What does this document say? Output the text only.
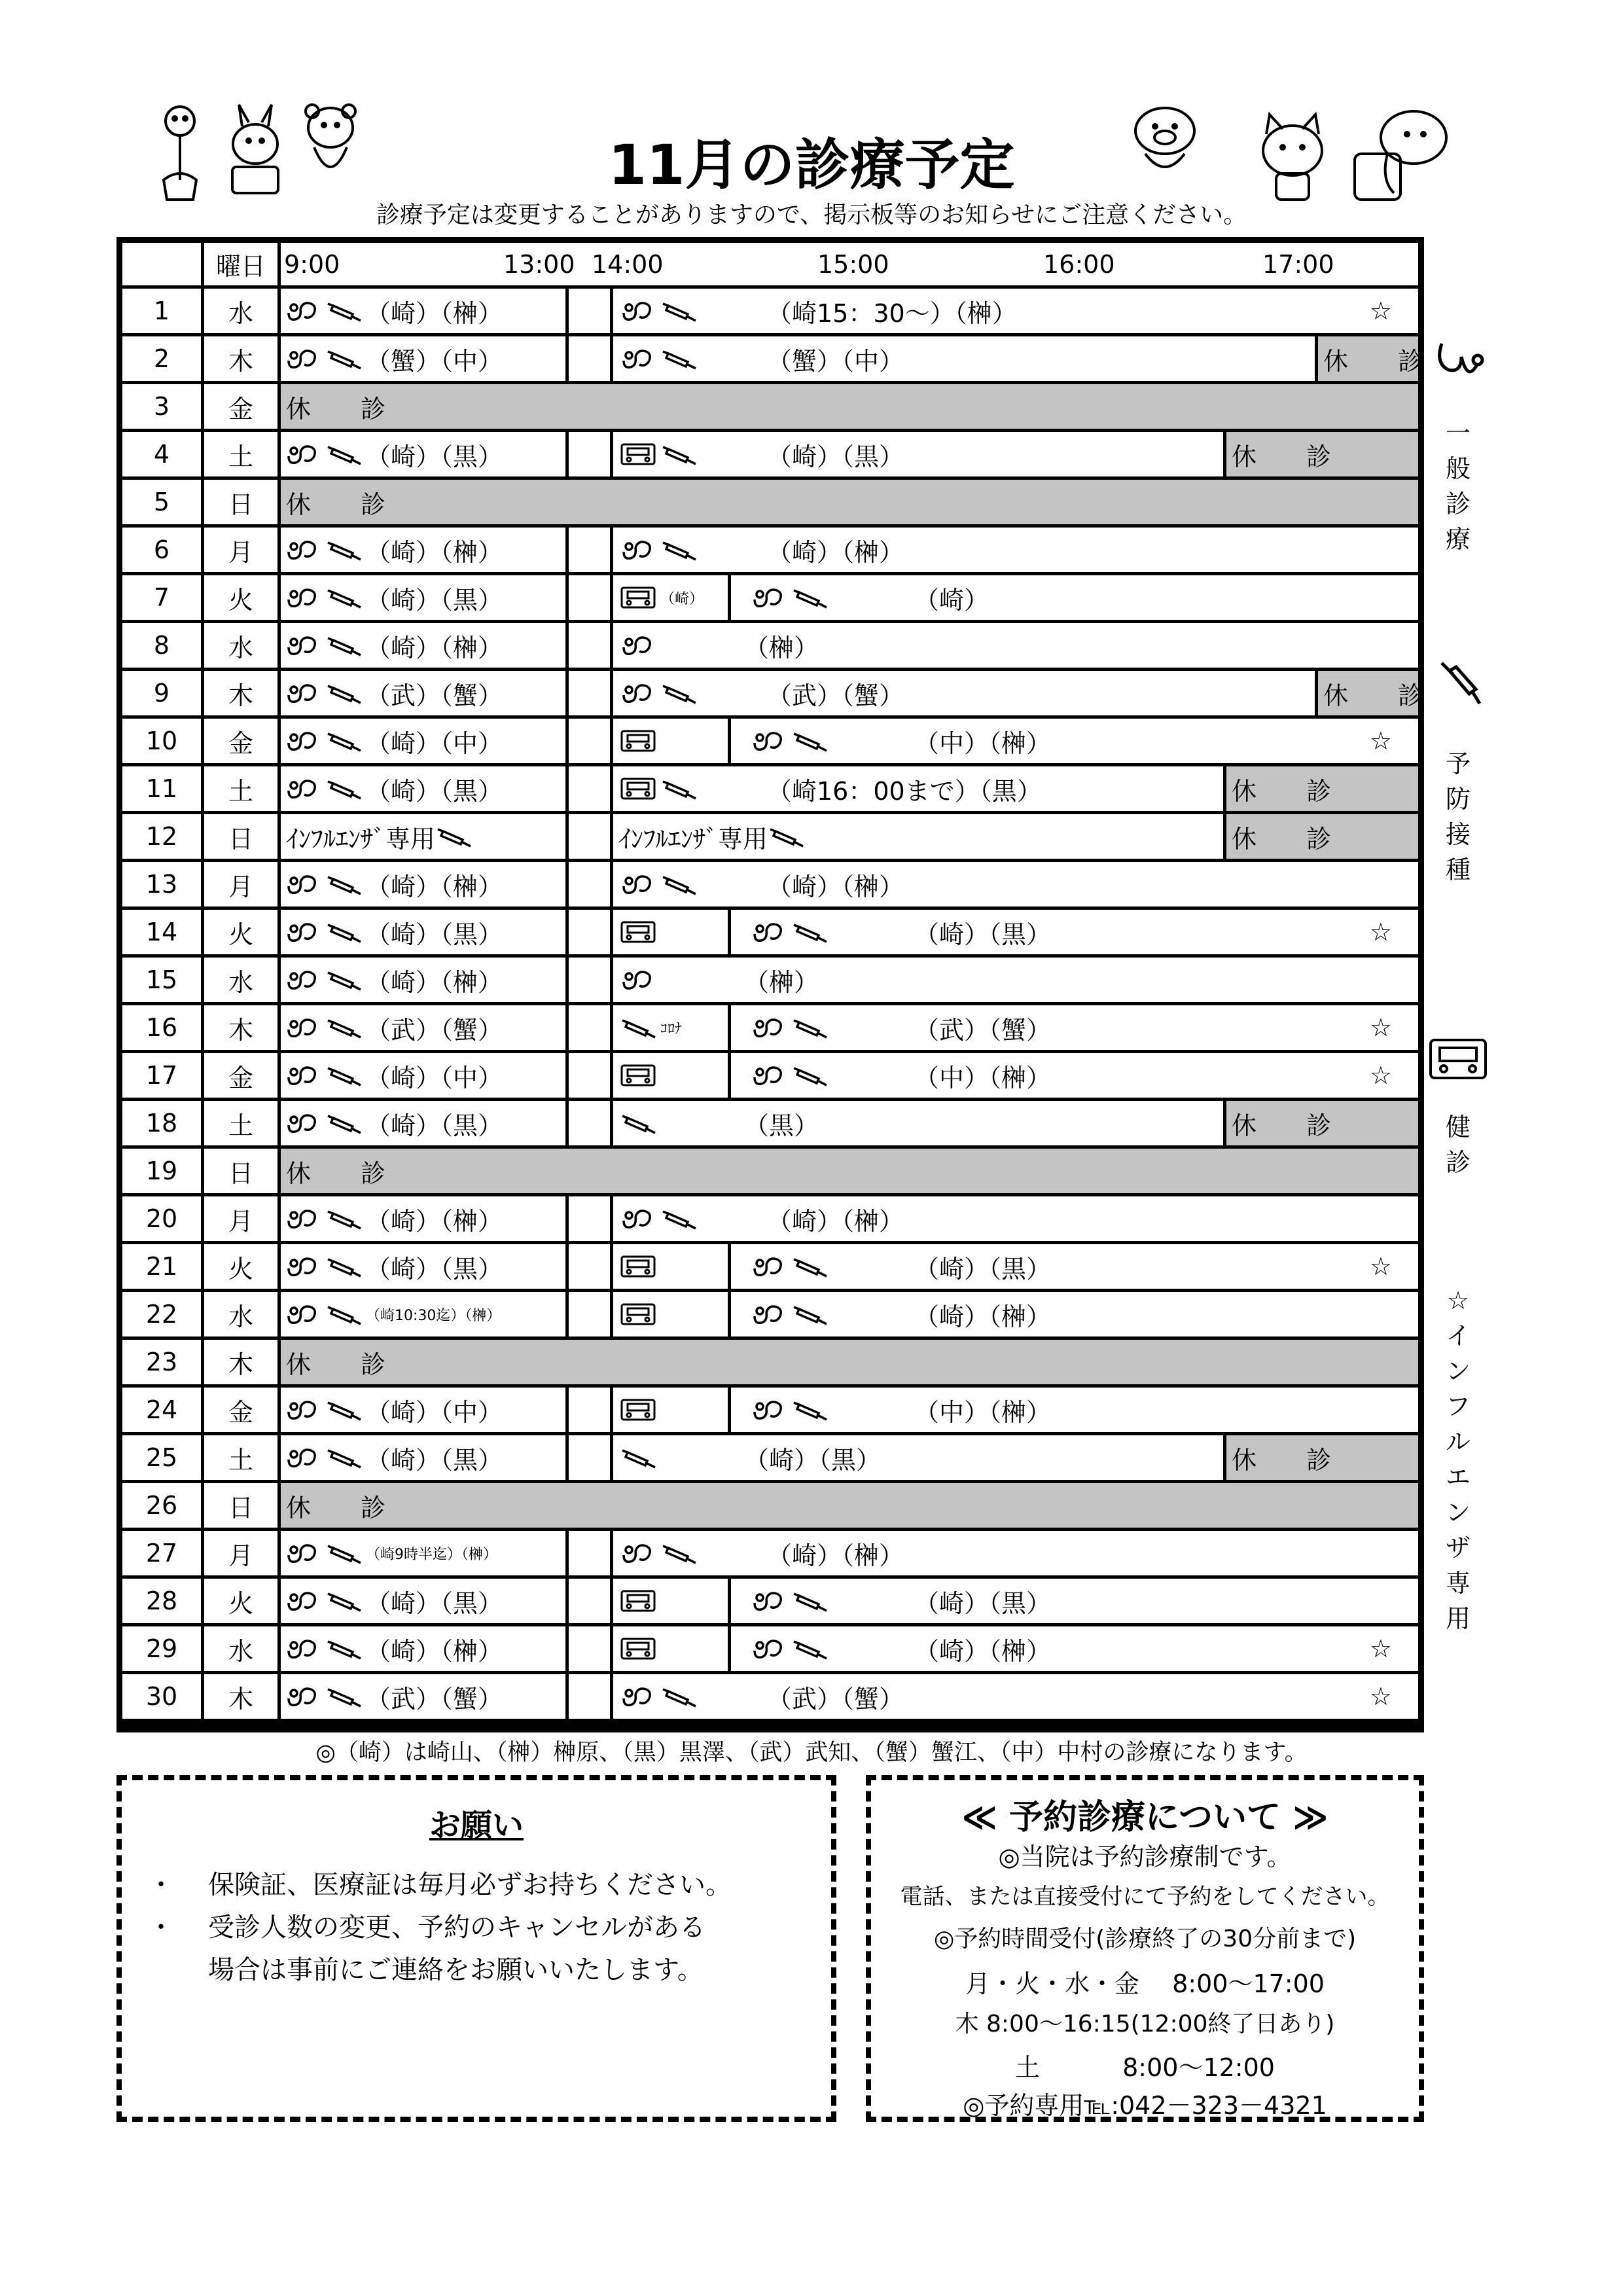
11月の診療予定
診療予定は変更することがありますので、掲示板等のお知らせにご注意ください。
曜日 9:00	13:00 14:00	15:00	16:00	17:00
1 水	（崎）（榊）	（崎15：30～）（榊）	☆
2 木	（蟹）（中）	（蟹）（中）	休　　診
3 金 休　　診
4 土	（崎）（黒）	（崎）（黒）	休　　診
5 日 休　　診
6 月	（崎）（榊）	（崎）（榊）
7 火	（崎）（黒）	（崎）	（崎）
8 水	（崎）（榊）	（榊）
9 木	（武）（蟹）	（武）（蟹）	休　　診
10 金	（崎）（中）	（中）（榊）	☆
11 土	（崎）（黒）	（崎16：00まで）（黒）	休　　診
12 日 ｲﾝﾌﾙｴﾝｻﾞ専用	ｲﾝﾌﾙｴﾝｻﾞ専用	休　　診
13 月	（崎）（榊）	（崎）（榊）
14 火	（崎）（黒）	（崎）（黒）	☆
15 水	（崎）（榊）	（榊）
16 木	（武）（蟹）	ｺﾛﾅ	（武）（蟹）	☆
17 金	（崎）（中）	（中）（榊）	☆
18 土	（崎）（黒）	（黒）	休　　診
19 日 休　　診
20 月	（崎）（榊）	（崎）（榊）
21 火	（崎）（黒）	（崎）（黒）	☆
22 水	（崎10:30迄）（榊）	（崎）（榊）
23 木 休　　診
24 金	（崎）（中）	（中）（榊）
25 土	（崎）（黒）	（崎）（黒）	休　　診
26 日 休　　診
27 月	（崎9時半迄）（榊）	（崎）（榊）
28 火	（崎）（黒）	（崎）（黒）
29 水	（崎）（榊）	（崎）（榊）	☆
30 木	（武）（蟹）	（武）（蟹）	☆
◎（崎）は崎山、（榊）榊原、（黒）黒澤、（武）武知、（蟹）蟹江、（中）中村の診療になります。
お願い
・ 保険証、医療証は毎月必ずお持ちください。
・ 受診人数の変更、予約のキャンセルがある
場合は事前にご連絡をお願いいたします。
≪ 予約診療について ≫
◎当院は予約診療制です。
電話、または直接受付にて予約をしてください。
◎予約時間受付(診療終了の30分前まで)
月・火・水・金　 8:00～17:00
木 8:00～16:15(12:00終了日あり)
土　　　 8:00～12:00
◎予約専用℡:042－323－4321
一
般
診
療
予
防
接
種
健
診
☆
イ
ン
フ
ル
エ
ン
ザ
専
用
